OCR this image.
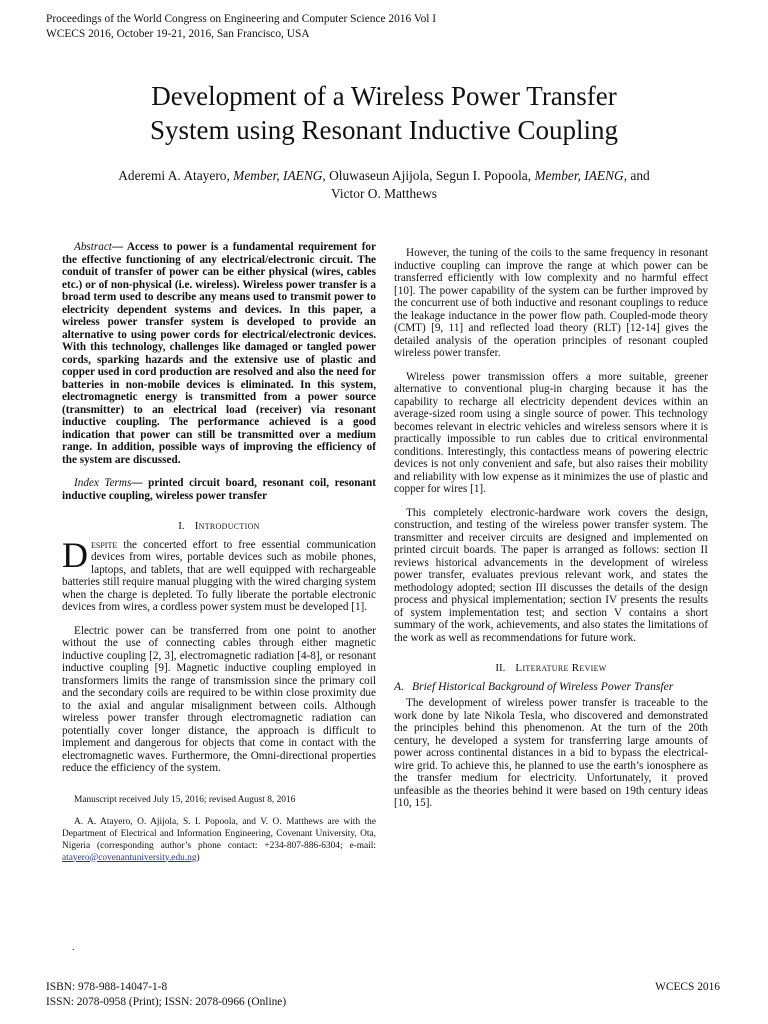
Proceedings of the World Congress on Engineering and Computer Science 2016 Vol I
WCECS 2016, October 19-21, 2016, San Francisco, USA
Development of a Wireless Power Transfer
System using Resonant Inductive Coupling
Aderemi A. Atayero, Member, IAENG, Oluwaseun Ajijola, Segun I. Popoola, Member, IAENG, and
Victor O. Matthews

Abstract— Access to power is a fundamental requirement for the effective functioning of any electrical/electronic circuit. The conduit of transfer of power can be either physical (wires, cables etc.) or of non-physical (i.e. wireless). Wireless power transfer is a broad term used to describe any means used to transmit power to electricity dependent systems and devices. In this paper, a wireless power transfer system is developed to provide an alternative to using power cords for electrical/electronic devices. With this technology, challenges like damaged or tangled power cords, sparking hazards and the extensive use of plastic and copper used in cord production are resolved and also the need for batteries in non-mobile devices is eliminated. In this system, electromagnetic energy is transmitted from a power source (transmitter) to an electrical load (receiver) via resonant inductive coupling. The performance achieved is a good indication that power can still be transmitted over a medium range. In addition, possible ways of improving the efficiency of the system are discussed.

Index Terms— printed circuit board, resonant coil, resonant inductive coupling, wireless power transfer

I. Introduction

Despite the concerted effort to free essential communication devices from wires, portable devices such as mobile phones, laptops, and tablets, that are well equipped with rechargeable batteries still require manual plugging with the wired charging system when the charge is depleted. To fully liberate the portable electronic devices from wires, a cordless power system must be developed [1].

Electric power can be transferred from one point to another without the use of connecting cables through either magnetic inductive coupling [2, 3], electromagnetic radiation [4-8], or resonant inductive coupling [9]. Magnetic inductive coupling employed in transformers limits the range of transmission since the primary coil and the secondary coils are required to be within close proximity due to the axial and angular misalignment between coils. Although wireless power transfer through electromagnetic radiation can potentially cover longer distance, the approach is difficult to implement and dangerous for objects that come in contact with the electromagnetic waves. Furthermore, the Omni-directional properties reduce the efficiency of the system.

Manuscript received July 15, 2016; revised August 8, 2016

A. A. Atayero, O. Ajijola, S. I. Popoola, and V. O. Matthews are with the Department of Electrical and Information Engineering, Covenant University, Ota, Nigeria (corresponding author’s phone contact: +234-807-886-6304; e-mail: atayero@covenantuniversity.edu.ng)

.

However, the tuning of the coils to the same frequency in resonant inductive coupling can improve the range at which power can be transferred efficiently with low complexity and no harmful effect [10]. The power capability of the system can be further improved by the concurrent use of both inductive and resonant couplings to reduce the leakage inductance in the power flow path. Coupled-mode theory (CMT) [9, 11] and reflected load theory (RLT) [12-14] gives the detailed analysis of the operation principles of resonant coupled wireless power transfer.

Wireless power transmission offers a more suitable, greener alternative to conventional plug-in charging because it has the capability to recharge all electricity dependent devices within an average-sized room using a single source of power. This technology becomes relevant in electric vehicles and wireless sensors where it is practically impossible to run cables due to critical environmental conditions. Interestingly, this contactless means of powering electric devices is not only convenient and safe, but also raises their mobility and reliability with low expense as it minimizes the use of plastic and copper for wires [1].

This completely electronic-hardware work covers the design, construction, and testing of the wireless power transfer system. The transmitter and receiver circuits are designed and implemented on printed circuit boards. The paper is arranged as follows: section II reviews historical advancements in the development of wireless power transfer, evaluates previous relevant work, and states the methodology adopted; section III discusses the details of the design process and physical implementation; section IV presents the results of system implementation test; and section V contains a short summary of the work, achievements, and also states the limitations of the work as well as recommendations for future work.

II. Literature Review
A. Brief Historical Background of Wireless Power Transfer

The development of wireless power transfer is traceable to the work done by late Nikola Tesla, who discovered and demonstrated the principles behind this phenomenon. At the turn of the 20th century, he developed a system for transferring large amounts of power across continental distances in a bid to bypass the electrical-wire grid. To achieve this, he planned to use the earth’s ionosphere as the transfer medium for electricity. Unfortunately, it proved unfeasible as the theories behind it were based on 19th century ideas [10, 15].

ISBN: 978-988-14047-1-8
ISSN: 2078-0958 (Print); ISSN: 2078-0966 (Online)
WCECS 2016
